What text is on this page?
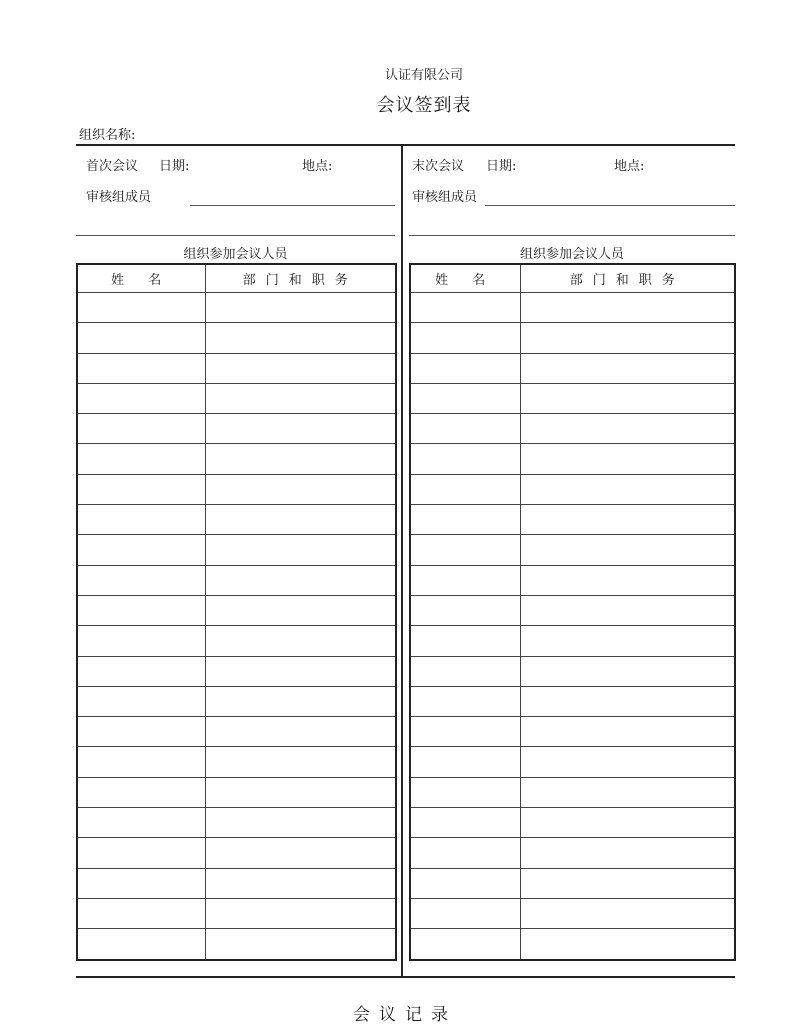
认证有限公司
会议签到表
组织名称:
首次会议 日期:	地点:
审核组成员
组织参加会议人员
末次会议 日期:	地点:
审核组成员
组织参加会议人员
姓 名	部门和职务

		姓 名	部门和职务

会议记录
